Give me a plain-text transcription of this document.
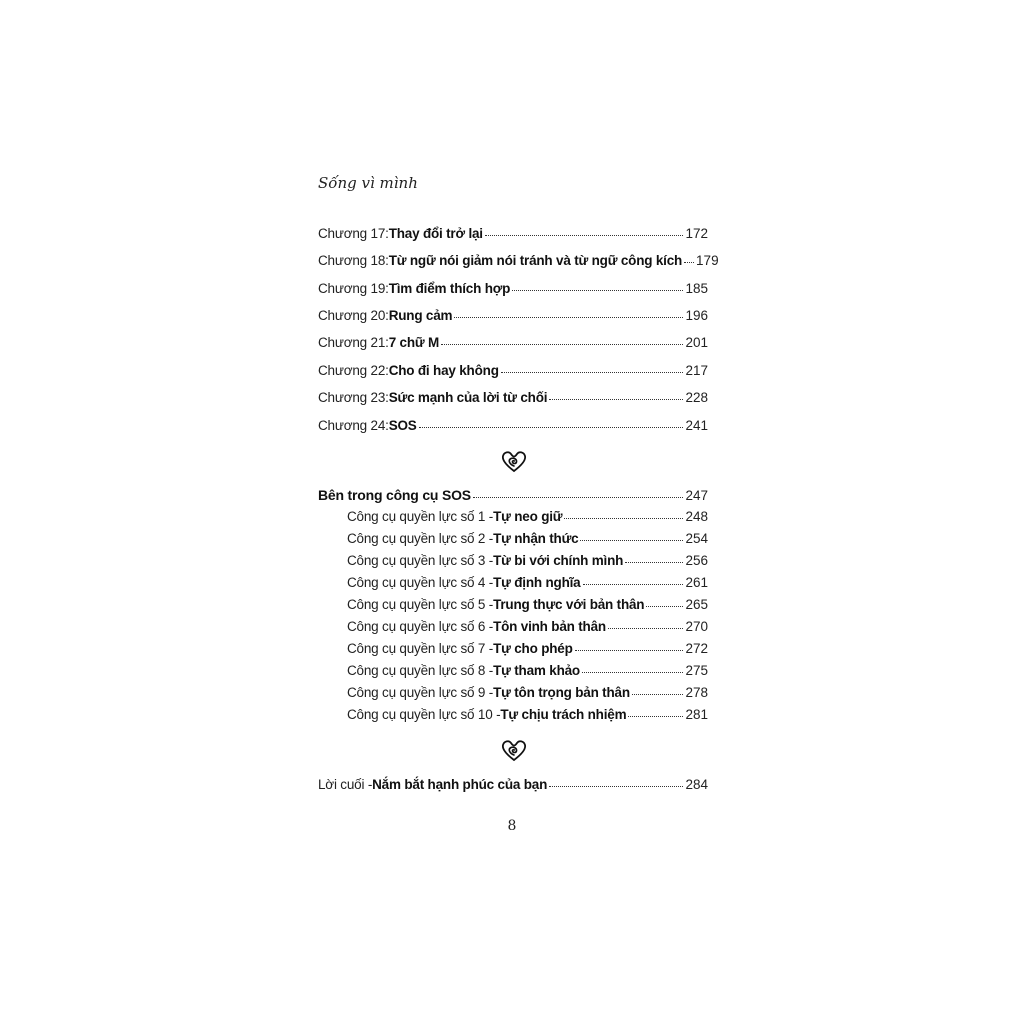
Sống vì mình
Chương 17: Thay đổi trở lại	172
Chương 18: Từ ngữ nói giảm nói tránh và từ ngữ công kích 179
Chương 19: Tìm điểm thích hợp	185
Chương 20: Rung cảm	196
Chương 21: 7 chữ M	201
Chương 22: Cho đi hay không	217
Chương 23: Sức mạnh của lời từ chối	228
Chương 24: SOS	241
Bên trong công cụ SOS	247
Công cụ quyền lực số 1 - Tự neo giữ	248
Công cụ quyền lực số 2 - Tự nhận thức	254
Công cụ quyền lực số 3 - Từ bi với chính mình	256
Công cụ quyền lực số 4 - Tự định nghĩa	261
Công cụ quyền lực số 5 - Trung thực với bản thân	265
Công cụ quyền lực số 6 - Tôn vinh bản thân	270
Công cụ quyền lực số 7 - Tự cho phép	272
Công cụ quyền lực số 8 - Tự tham khảo	275
Công cụ quyền lực số 9 - Tự tôn trọng bản thân	278
Công cụ quyền lực số 10 - Tự chịu trách nhiệm	281
Lời cuối - Nắm bắt hạnh phúc của bạn	284
8
